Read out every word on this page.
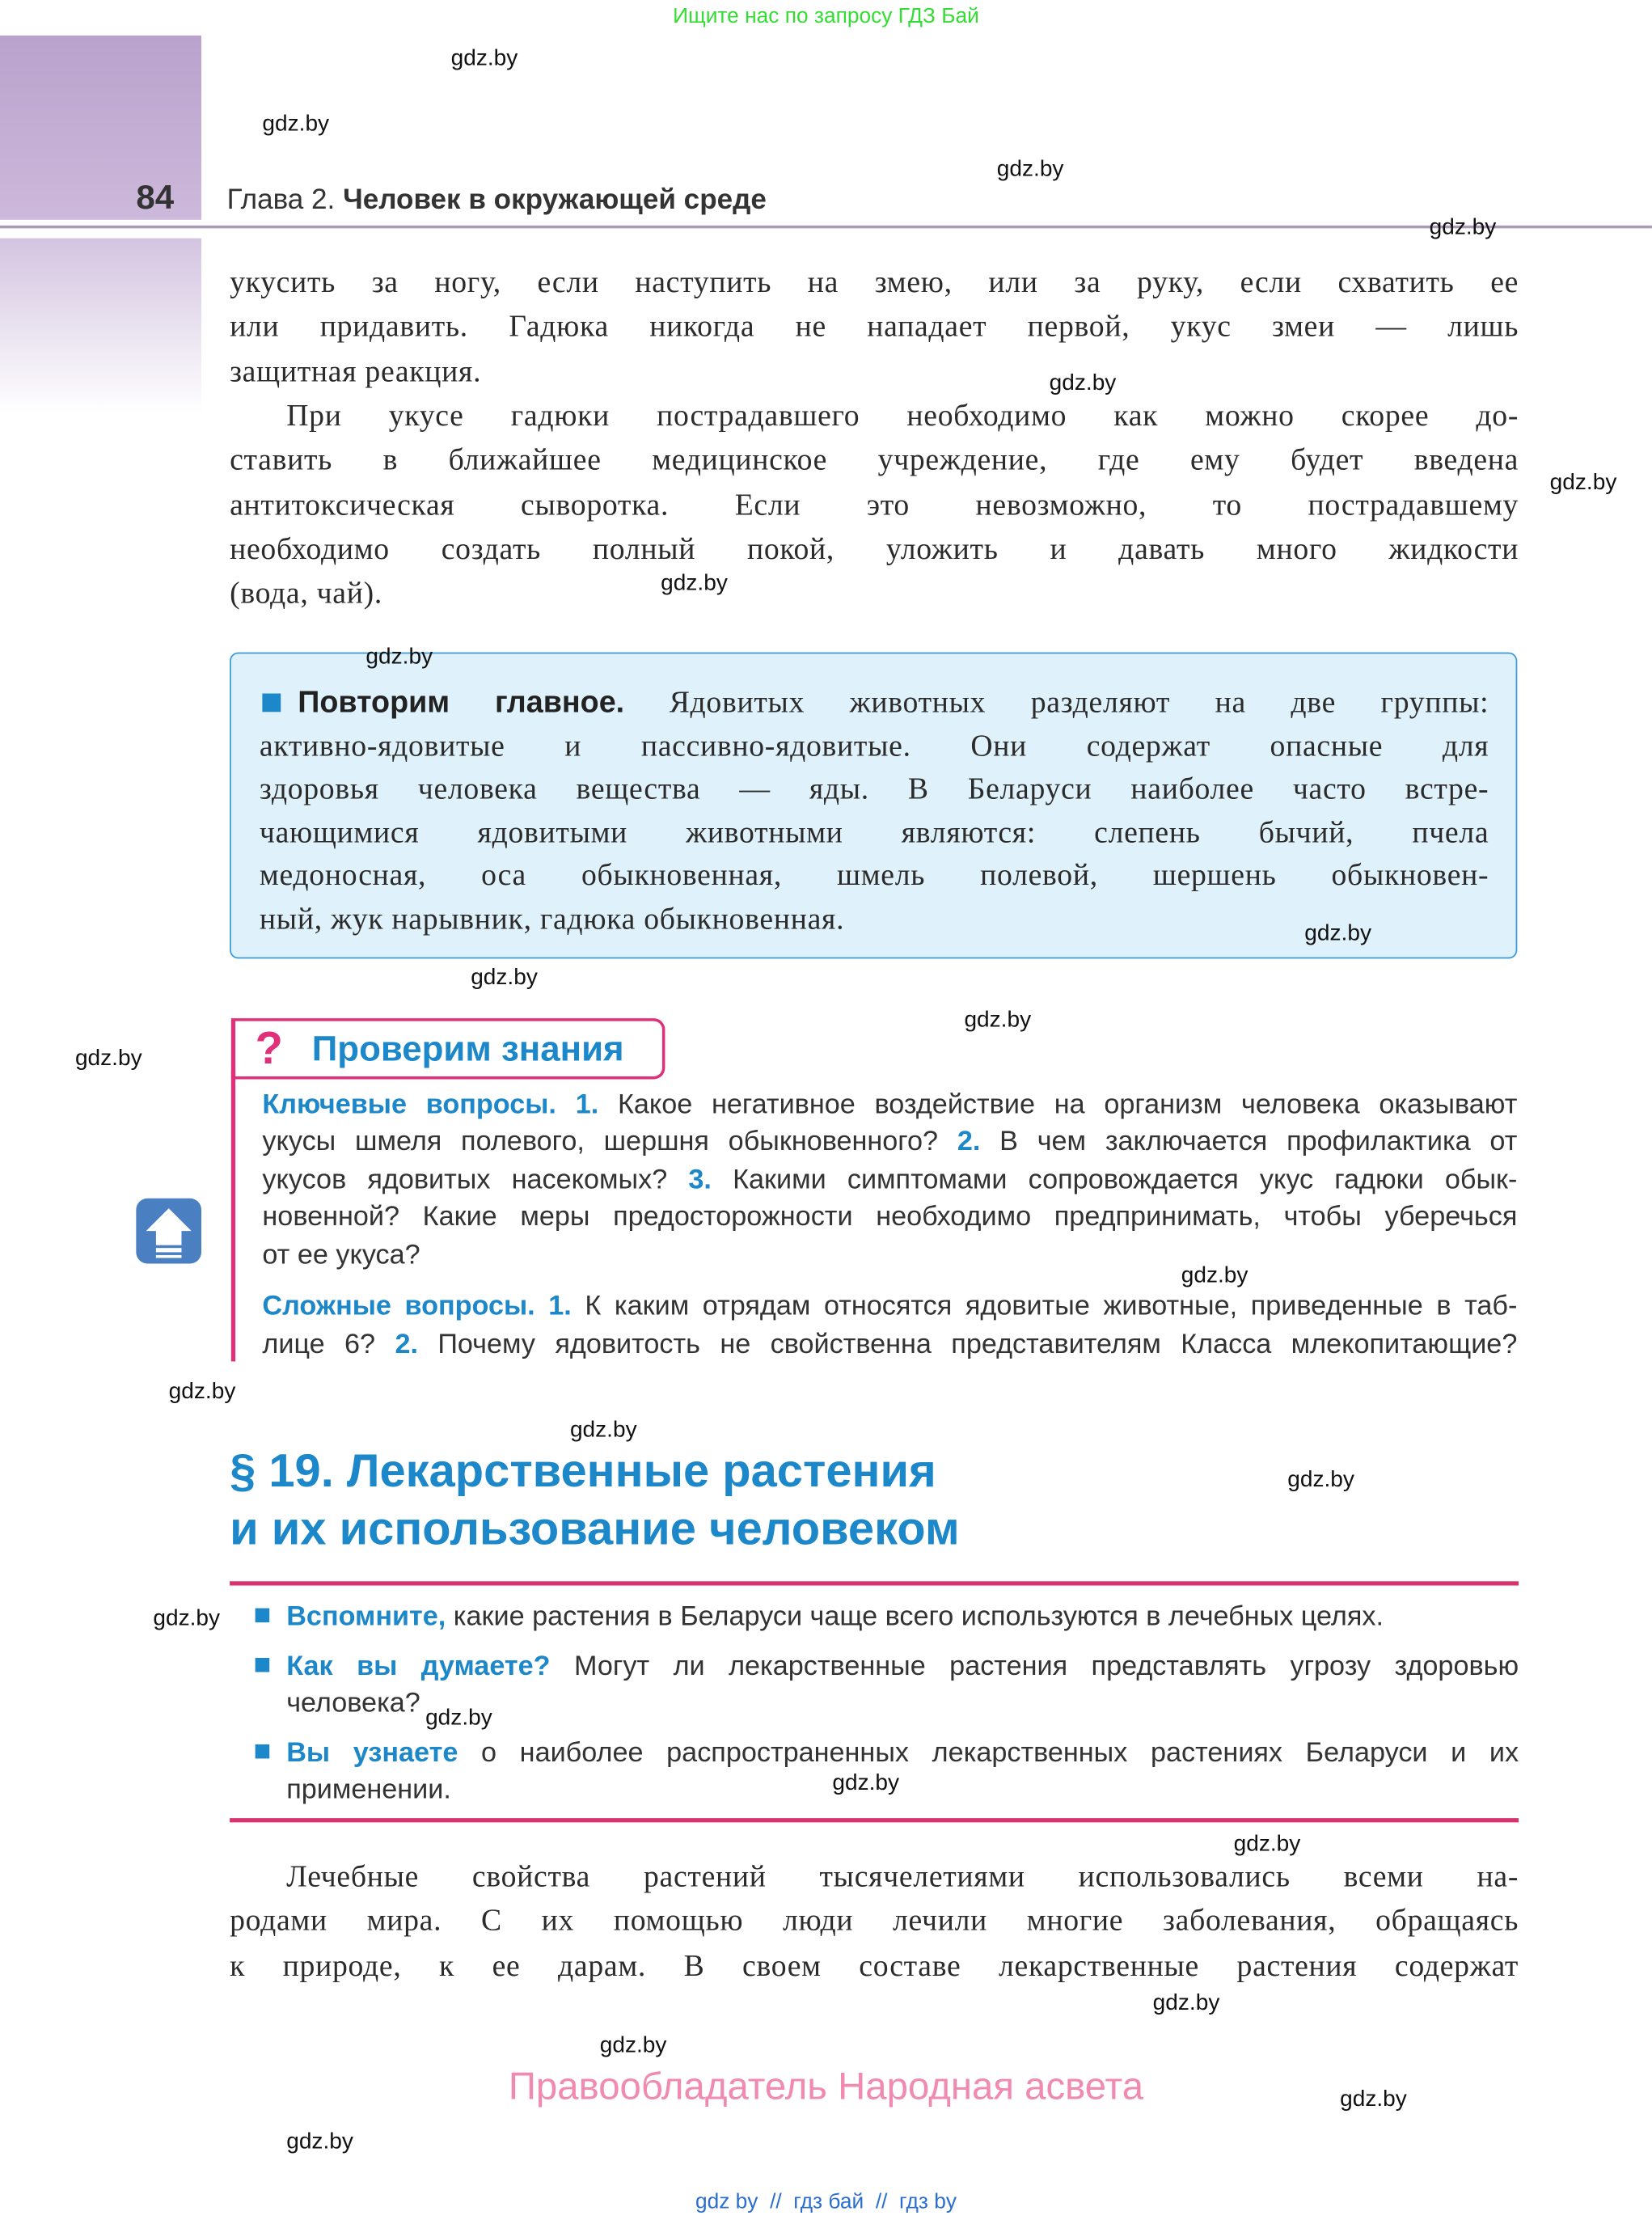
Ищите нас по запросу ГДЗ Бай
84	Глава 2. Человек в окружающей среде
укусить за ногу, если наступить на змею, или за руку, если схватить ее
или придавить. Гадюка никогда не нападает первой, укус змеи — лишь
защитная реакция.
При укусе гадюки пострадавшего необходимо как можно скорее до-
ставить в ближайшее медицинское учреждение, где ему будет введена
антитоксическая сыворотка. Если это невозможно, то пострадавшему
необходимо создать полный покой, уложить и давать много жидкости
(вода, чай).
Повторим главное.	Ядовитых животных разделяют на две группы:
активно-ядовитые и пассивно-ядовитые. Они содержат опасные для
здоровья человека вещества — яды. В Беларуси наиболее часто встре-
чающимися ядовитыми животными являются: слепень бычий, пчела
медоносная, оса обыкновенная, шмель полевой, шершень обыкновен-
ный, жук нарывник, гадюка обыкновенная.
? Проверим знания
Ключевые вопросы. 1. Какое негативное воздействие на организм человека оказывают
укусы шмеля полевого, шершня обыкновенного? 2. В чем заключается профилактика от
укусов ядовитых насекомых? 3. Какими симптомами сопровождается укус гадюки обык-
новенной? Какие меры предосторожности необходимо предпринимать, чтобы уберечься
от ее укуса?
Сложные вопросы. 1. К каким отрядам относятся ядовитые животные, приведенные в таб-
лице 6? 2. Почему ядовитость не свойственна представителям Класса млекопитающие?
§ 19. Лекарственные растения
и их использование человеком
Вспомните, какие растения в Беларуси чаще всего используются в лечебных целях.
Как вы думаете? Могут ли лекарственные растения представлять угрозу здоровью
человека?
Вы узнаете о наиболее распространенных лекарственных растениях Беларуси и их
применении.
Лечебные свойства растений тысячелетиями использовались всеми на-
родами мира. С их помощью люди лечили многие заболевания, обращаясь
к природе, к ее дарам. В своем составе лекарственные растения содержат
Правообладатель Народная асвета
gdz by  //  гдз бай  //  гдз by
gdz.by
gdz.by
gdz.by
gdz.by
gdz.by
gdz.by
gdz.by
gdz.by
gdz.by
gdz.by
gdz.by
gdz.by
gdz.by
gdz.by
gdz.by
gdz.by
gdz.by
gdz.by
gdz.by
gdz.by
gdz.by
gdz.by
gdz.by
gdz.by
